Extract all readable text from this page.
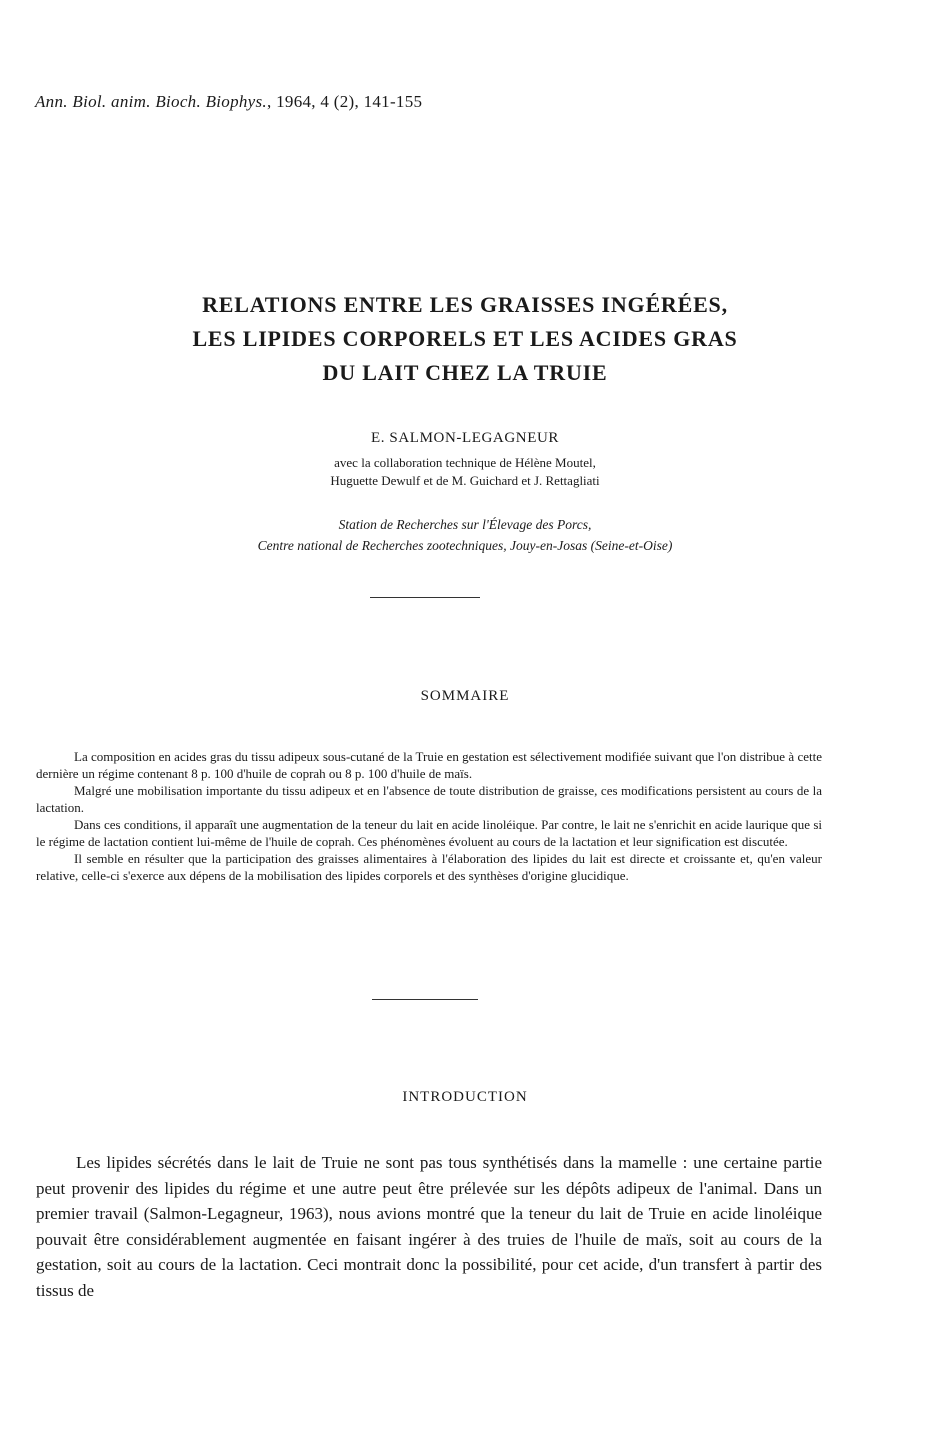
Ann. Biol. anim. Bioch. Biophys., 1964, 4 (2), 141-155
RELATIONS ENTRE LES GRAISSES INGÉRÉES,
LES LIPIDES CORPORELS ET LES ACIDES GRAS
DU LAIT CHEZ LA TRUIE
E. SALMON-LEGAGNEUR
avec la collaboration technique de Hélène Moutel,
Huguette Dewulf et de M. Guichard et J. Rettagliati
Station de Recherches sur l'Élevage des Porcs,
Centre national de Recherches zootechniques, Jouy-en-Josas (Seine-et-Oise)
SOMMAIRE

La composition en acides gras du tissu adipeux sous-cutané de la Truie en gestation est sélectivement modifiée suivant que l'on distribue à cette dernière un régime contenant 8 p. 100 d'huile de coprah ou 8 p. 100 d'huile de maïs.

Malgré une mobilisation importante du tissu adipeux et en l'absence de toute distribution de graisse, ces modifications persistent au cours de la lactation.

Dans ces conditions, il apparaît une augmentation de la teneur du lait en acide linoléique. Par contre, le lait ne s'enrichit en acide laurique que si le régime de lactation contient lui-même de l'huile de coprah. Ces phénomènes évoluent au cours de la lactation et leur signification est discutée.

Il semble en résulter que la participation des graisses alimentaires à l'élaboration des lipides du lait est directe et croissante et, qu'en valeur relative, celle-ci s'exerce aux dépens de la mobilisation des lipides corporels et des synthèses d'origine glucidique.

INTRODUCTION

Les lipides sécrétés dans le lait de Truie ne sont pas tous synthétisés dans la mamelle : une certaine partie peut provenir des lipides du régime et une autre peut être prélevée sur les dépôts adipeux de l'animal. Dans un premier travail (Salmon-Legagneur, 1963), nous avions montré que la teneur du lait de Truie en acide linoléique pouvait être considérablement augmentée en faisant ingérer à des truies de l'huile de maïs, soit au cours de la gestation, soit au cours de la lactation. Ceci montrait donc la possibilité, pour cet acide, d'un transfert à partir des tissus de
